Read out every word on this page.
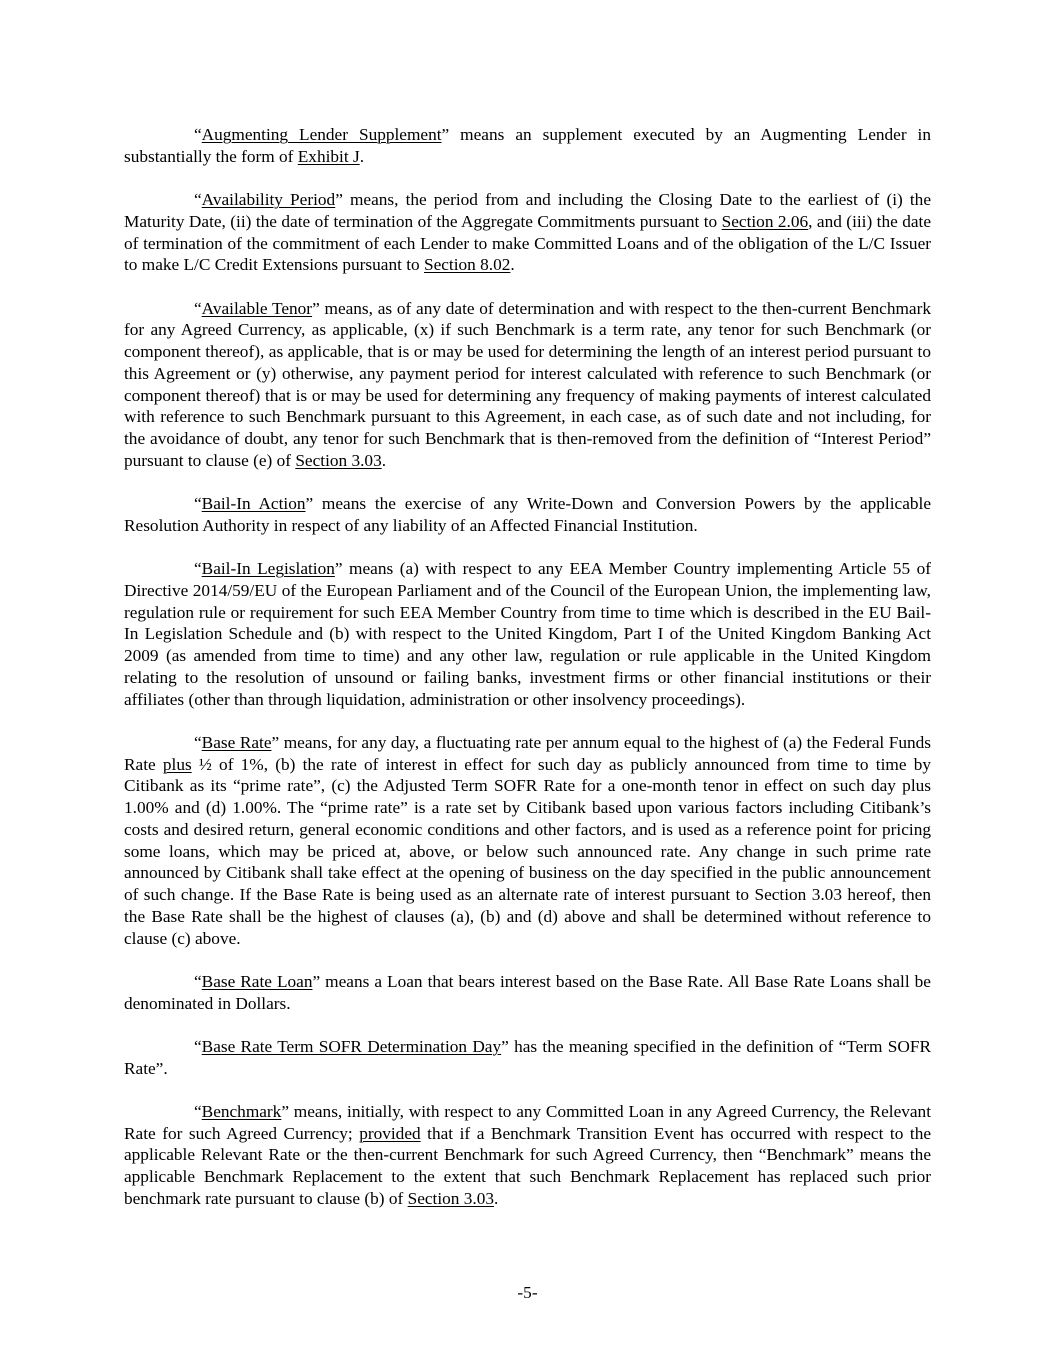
“Augmenting Lender Supplement” means an supplement executed by an Augmenting Lender in substantially the form of Exhibit J.

“Availability Period” means, the period from and including the Closing Date to the earliest of (i) the Maturity Date, (ii) the date of termination of the Aggregate Commitments pursuant to Section 2.06, and (iii) the date of termination of the commitment of each Lender to make Committed Loans and of the obligation of the L/C Issuer to make L/C Credit Extensions pursuant to Section 8.02.

“Available Tenor” means, as of any date of determination and with respect to the then-current Benchmark for any Agreed Currency, as applicable, (x) if such Benchmark is a term rate, any tenor for such Benchmark (or component thereof), as applicable, that is or may be used for determining the length of an interest period pursuant to this Agreement or (y) otherwise, any payment period for interest calculated with reference to such Benchmark (or component thereof) that is or may be used for determining any frequency of making payments of interest calculated with reference to such Benchmark pursuant to this Agreement, in each case, as of such date and not including, for the avoidance of doubt, any tenor for such Benchmark that is then-removed from the definition of “Interest Period” pursuant to clause (e) of Section 3.03.

“Bail-In Action” means the exercise of any Write-Down and Conversion Powers by the applicable Resolution Authority in respect of any liability of an Affected Financial Institution.

“Bail-In Legislation” means (a) with respect to any EEA Member Country implementing Article 55 of Directive 2014/59/EU of the European Parliament and of the Council of the European Union, the implementing law, regulation rule or requirement for such EEA Member Country from time to time which is described in the EU Bail-In Legislation Schedule and (b) with respect to the United Kingdom, Part I of the United Kingdom Banking Act 2009 (as amended from time to time) and any other law, regulation or rule applicable in the United Kingdom relating to the resolution of unsound or failing banks, investment firms or other financial institutions or their affiliates (other than through liquidation, administration or other insolvency proceedings).

“Base Rate” means, for any day, a fluctuating rate per annum equal to the highest of (a) the Federal Funds Rate plus ½ of 1%, (b) the rate of interest in effect for such day as publicly announced from time to time by Citibank as its “prime rate”, (c) the Adjusted Term SOFR Rate for a one-month tenor in effect on such day plus 1.00% and (d) 1.00%. The “prime rate” is a rate set by Citibank based upon various factors including Citibank’s costs and desired return, general economic conditions and other factors, and is used as a reference point for pricing some loans, which may be priced at, above, or below such announced rate. Any change in such prime rate announced by Citibank shall take effect at the opening of business on the day specified in the public announcement of such change. If the Base Rate is being used as an alternate rate of interest pursuant to Section 3.03 hereof, then the Base Rate shall be the highest of clauses (a), (b) and (d) above and shall be determined without reference to clause (c) above.

“Base Rate Loan” means a Loan that bears interest based on the Base Rate. All Base Rate Loans shall be denominated in Dollars.

“Base Rate Term SOFR Determination Day” has the meaning specified in the definition of “Term SOFR Rate”.

“Benchmark” means, initially, with respect to any Committed Loan in any Agreed Currency, the Relevant Rate for such Agreed Currency; provided that if a Benchmark Transition Event has occurred with respect to the applicable Relevant Rate or the then-current Benchmark for such Agreed Currency, then “Benchmark” means the applicable Benchmark Replacement to the extent that such Benchmark Replacement has replaced such prior benchmark rate pursuant to clause (b) of Section 3.03.

-5-
